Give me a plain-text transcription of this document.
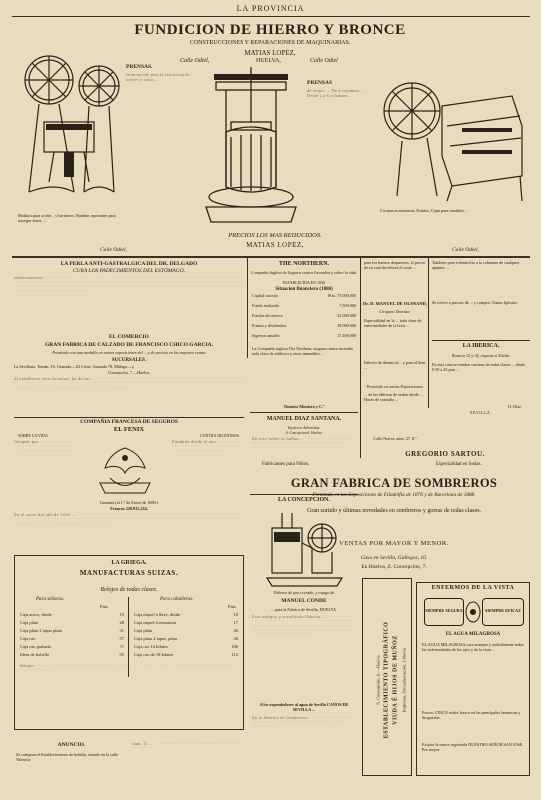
LA PROVINCIA
FUNDICION DE HIERRO Y BRONCE
CONSTRUCCIONES Y REPARACIONES DE MAQUINARIAS.
MATIAS LOPEZ,
Calle Odiel,	HUELVA,	Calle Odiel
PRENSAS.
Gran surtido para la extraccion de aceites y vinos, ...
PRENSAS
de orujos, ... De 4 columnas ... Desde 2 á 8 columnas ...
Molinos para aceite... y harineros. Bombas aspirantes para trasegar vinos. ...
Calle Odiel,
PRECIOS LOS MAS REDUCIDOS.
MATIAS LOPEZ,
Cocinas económicas, Estufas, Cajas para caudales ...
Calle Odiel,
LA PERLA ANTI-GASTRALGICA DEL DR. DELGADO
CURA LOS PADECIMIENTOS DEL ESTÓMAGO.
Medicamentos · · · · · · · · · · · · · · · · · · · · · · · · · · · · · · · · · · · · · · · · · · · · · · · · · · · · · · · · · · · · · · · · · · · · · · · · · · · · · · · · · · · · · · · · · · · · · · · · · · · · · · · · · · · · · · · · · · · · · · · · · · · · · · · · · · · · · · · · · · · · · · · · · · · · · · · · · · · · · · · · · · · · · · · · · · · · · · · · · · · · · · · · · · · · · · · · · · · · · · · · · · · · · · · · · · · · · · · · · · · · · · · · · · · · · · · · · · · · · · · · · · · · · · · · · · · · · · · · · · · · · · · · · · · · · · · · · ·
EL COMERCIO
GRAN FABRICA DE CALZADO DE FRANCISCO CHICO GARCIA.
Premiada con una medalla en varias exposiciones del ... y de precios en las mayores ventas
SUCURSALES.
La Sevillana, Tetuán, 10, Granada.—El Cisne, Granada 78, Málaga.—y
Concepción, 7.—Huelva.
Al establecer esta Sucursal, ha de ser ... · · · · · · · · · · · · · · · · · · · · · · · · · · · · · · · · · · · · · · · · · · · · · · · · · · · · · · · · · · · · · · · · · · · · · · · · · · · · · · · · · · · · · · · · · · · · · · · · · · · · · · · · · · · · · · · · · · · · · · · · · · · · · · · · · · · · · · · · · · · · · · · · · · · · · · · · · · · · · · · · · · · · · · · · · · · · · · · · · · · · · · · · · ·
COMPAÑIA FRANCESA DE SEGUROS
EL FENIX
SOBRE LA VIDA.	CONTRA INCENDIOS.
Dirigido por · · · · · · · · · · · · · · · · · · · · · · · · · · · · · · · · · · · · · · · · · · · · · · · · · · · · · · · · · · ·
Fundada desde el año · · · · · · · · · · · · · · · · · · · · · · · · · · · · · · · · · · · · · · · · · · · · · · · · · · · · · · · · · ·
Garantía (al 1.º de Enero de 1880.)
Francos 220.815.224.
En el curso del año de 1880 ... · · · · · · · · · · · · · · · · · · · · · · · · · · · · · · · · · · · · · · · · · · · · · · · · · · · · · · · · · · · · · · · · · · · · · · · · · · · · · · · · · · · · · · · · · · · · · · · · · · · · · · · · · · · · · · · · · · · · · · · · · · · · · · · · · · · · · · · · · · · · · · · · · · · · · · · · · · · · · · · · · · · · · · · · · · · · · · · · · · · · · · · · ·
LA GRIEGA.
MANUFACTURAS SUIZAS.
Relojes de todas clases.
Para señoras.	Para caballeros.
Ptas.	Ptas.
Caja acero, desde	19
Caja plata	28
Caja plata 2 tapas plata	31
Caja oro	57
Caja oro grabado	71
Idem de bolsillo	95
Caja níquel á llave, desde	10
Caja níquel á remontoir	17
Caja plata	26
Caja plata 2 tapas, plata	36
Caja oro 14 kilates	100
Caja oro de 18 kilates	112
Relojes · · · · · · · · · · · · · · · · · · · · · · · · · · · · · · · · · · · · · · · · · · · · · · · · · · · · · · · · · · · · · · · · · · · · · · · · · · · · · · · · · · · · · · ·
ANUNCIO.
Se compran el Establecimiento de bebidas situado en la calle Valencia
núm. 11 ... · · · · · · · · · · · · · · · · · · · · · · · · · · · · · · · · · · · · · · ·
THE NORTHERN.
Compañía Inglesa de Seguros contra Incendios y sobre la vida.
ESTABLECIDA EN 1836
Situacion financiera (1886)
Capital suscrito	Ptas. 75.000.000
Fondo realizado	7.500.000
Fondos de reserva	52.000.000
Primas y dividendos	18.000.000
Ingresos anuales	17.469.000
La Compañía inglesa The Northern, asegura contra incendio toda clase de edificios y otros inmuebles ...
Timoteo Montero y C.º
MANUEL DIAZ SANTANA.
Tapicero Adornista.
S. Concepcion 6. Huelva.
En este taller se hallan ... · · · · · · · · · · · · · · · · · · · · · · · · · · · · · · · · · · · · · · · · · · · · · · · · · · · · · · · · · · · · · · · · · · · · · · · · · · · · · · · · · · · · · · · · · · · ·
LA CONCEPCION.
Fábrica de paz cerrado, y espiga de
MANUEL CONDE
... para la Fabrica de Sevilla, HUELVA.
Esta antigua y acreditada Fábrica ... · · · · · · · · · · · · · · · · · · · · · · · · · · · · · · · · · · · · · · · · · · · · · · · · · · · · · · · · · · · · · · · · · · · · · · · · · · · · · · · · · · · · · · · · · · · · · · · · · · · · · · · · · · · · · · · · · · · · · · · · · · · · · · · · · · · · · · · · · · · · · · · · · · · · · · ·
A los expendedores al agua de Sevilla CAÑOS DE SEVILLA ...
En la Fábrica de Sombreros · · · · · · · · · · · · · · · · · · · · · · · · · · · · · · · · · · · · · · · · · · · · · · · · · · · · · · · · · · · · · · · · ·
para los buenos dispuestos, el precio de su cual devolverá el coste ...
Dr. D. MANUEL DE OLSNAND,
Cirujano Dentista.
Especialidad en la ... toda clase de enfermedades de la boca ...
Fabrica de dientes al... y para el bien ...
Premiado en varias Exposiciones.
... de las fábricas de vidrio desde ... Horas de consulta ...
Calle Nueva, núm. 27, 8.º
Tambien para á domicilio a la cobranza de cualquier apuntes ...
Se ofrece a precios de ... y compra. Tomas Iglesias.
LA IBERICA.
Rosario 32 y 34, esquina á Toledo.
En esta casa se venden cortinas de todas clases ... desde 0.50 a 25 ptas ...
D. Diaz.
SEVILLA.
GREGORIO SARTOU.
Fabricantes para Niños.	Especialidad en Sedas.
GRAN FABRICA DE SOMBREROS
Premiada en las Exposiciones de Filadelfia de 1876 y de Barcelona de 1888.
Gran surtido y últimas novedades en sombreros y gorras de todas clases.
VENTAS POR MAYOR Y MENOR.
Casa en Sevilla, Gallegos, 10.
En Huelva, Z. Concepción, 7.
ESTABLECIMIENTO TIPOGRÁFICO VIUDA É HIJOS DE MUÑOZ
S. Concepción, 6.—Huelva	Imprenta, Encuadernación, Librería
ENFERMOS DE LA VISTA
SIEMPRE SEGURA	SIEMPRE EFICAZ
EL AGUA MILAGROSA
EL AGUA MILAGROSA cura siempre y radicalmente todas las enfermedades de los ojos y de la vista ...
Precio, CINCO reales frasco en las principales farmacias y droguerías.
Exijase la marca registrada NUESTRO SEÑOR SAN JOSE. Por mayor
